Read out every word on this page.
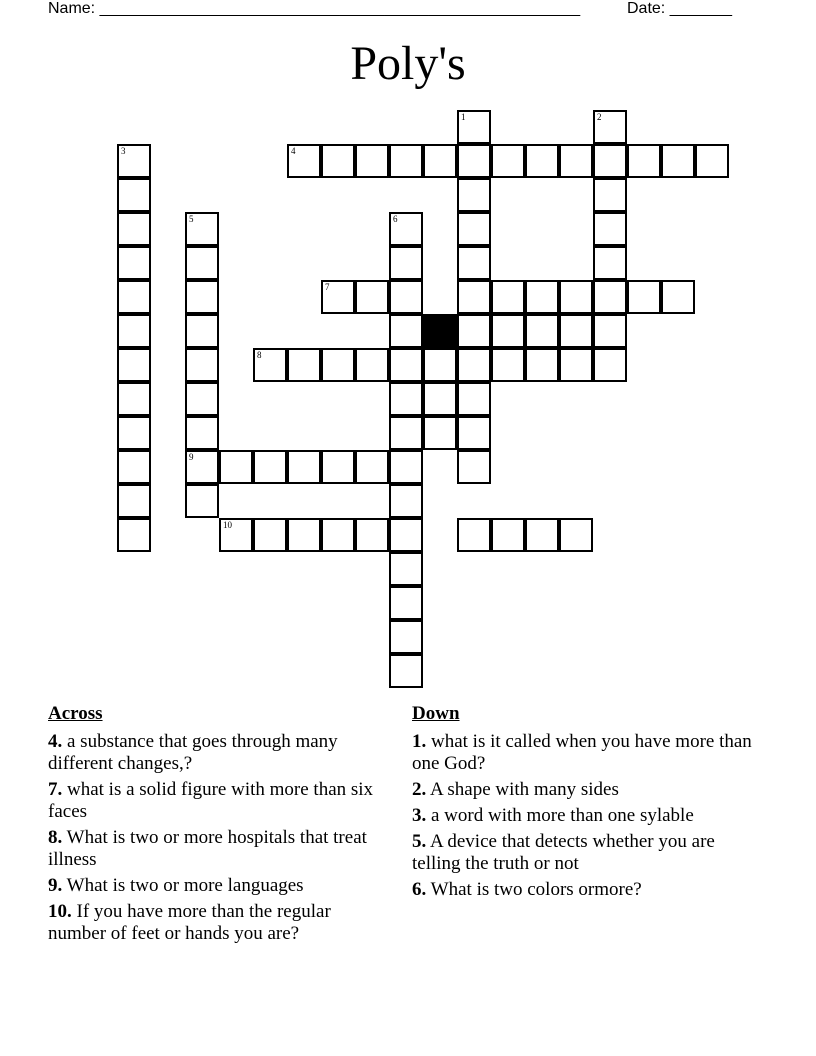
Name: ______________________________________________________	Date: _______
Poly's
1	2
3	4
5
9
6
7
8
10
Across
4. a substance that goes through many different changes,?
7. what is a solid figure with more than six faces
8. What is two or more hospitals that treat illness
9. What is two or more languages
10. If you have more than the regular number of feet or hands you are?
Down
1. what is it called when you have more than one God?
2. A shape with many sides
3. a word with more than one sylable
5. A device that detects whether you are telling the truth or not
6. What is two colors ormore?
